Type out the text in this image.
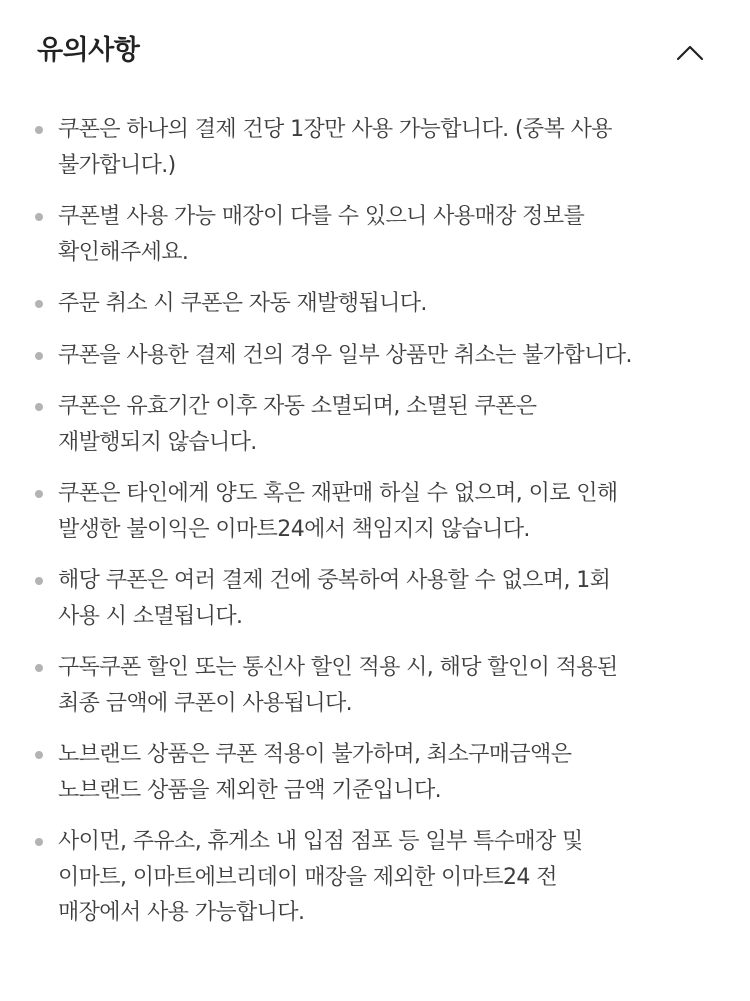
유의사항
쿠폰은 하나의 결제 건당 1장만 사용 가능합니다. (중복 사용
불가합니다.)
쿠폰별 사용 가능 매장이 다를 수 있으니 사용매장 정보를
확인해주세요.
주문 취소 시 쿠폰은 자동 재발행됩니다.
쿠폰을 사용한 결제 건의 경우 일부 상품만 취소는 불가합니다.
쿠폰은 유효기간 이후 자동 소멸되며, 소멸된 쿠폰은
재발행되지 않습니다.
쿠폰은 타인에게 양도 혹은 재판매 하실 수 없으며, 이로 인해
발생한 불이익은 이마트24에서 책임지지 않습니다.
해당 쿠폰은 여러 결제 건에 중복하여 사용할 수 없으며, 1회
사용 시 소멸됩니다.
구독쿠폰 할인 또는 통신사 할인 적용 시, 해당 할인이 적용된
최종 금액에 쿠폰이 사용됩니다.
노브랜드 상품은 쿠폰 적용이 불가하며, 최소구매금액은
노브랜드 상품을 제외한 금액 기준입니다.
사이먼, 주유소, 휴게소 내 입점 점포 등 일부 특수매장 및
이마트, 이마트에브리데이 매장을 제외한 이마트24 전
매장에서 사용 가능합니다.
